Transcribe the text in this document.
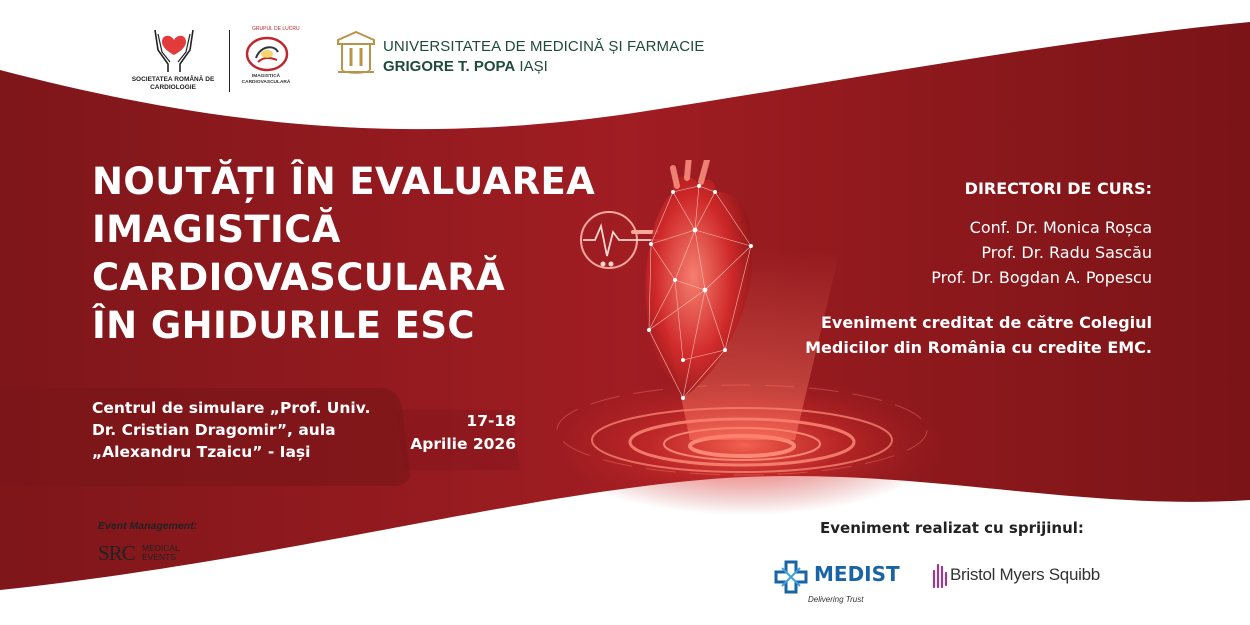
SOCIETATEA ROMÂNĂ DE CARDIOLOGIE
GRUPUL DE LUCRU
IMAGISTICĂ CARDIOVASCULARĂ
UNIVERSITATEA DE MEDICINĂ ȘI FARMACIE
GRIGORE T. POPA IAȘI
NOUTĂȚI ÎN EVALUAREA
IMAGISTICĂ
CARDIOVASCULARĂ
ÎN GHIDURILE ESC
Centrul de simulare „Prof. Univ.
Dr. Cristian Dragomir”, aula
„Alexandru Tzaicu” - Iași
17-18
Aprilie 2026
DIRECTORI DE CURS:
Conf. Dr. Monica Roșca
Prof. Dr. Radu Sascău
Prof. Dr. Bogdan A. Popescu
Eveniment creditat de către Colegiul
Medicilor din România cu credite EMC.
Event Management:
SRC MEDICAL
EVENTS
Eveniment realizat cu sprijinul:
MEDIST
Delivering Trust
Bristol Myers Squibb
